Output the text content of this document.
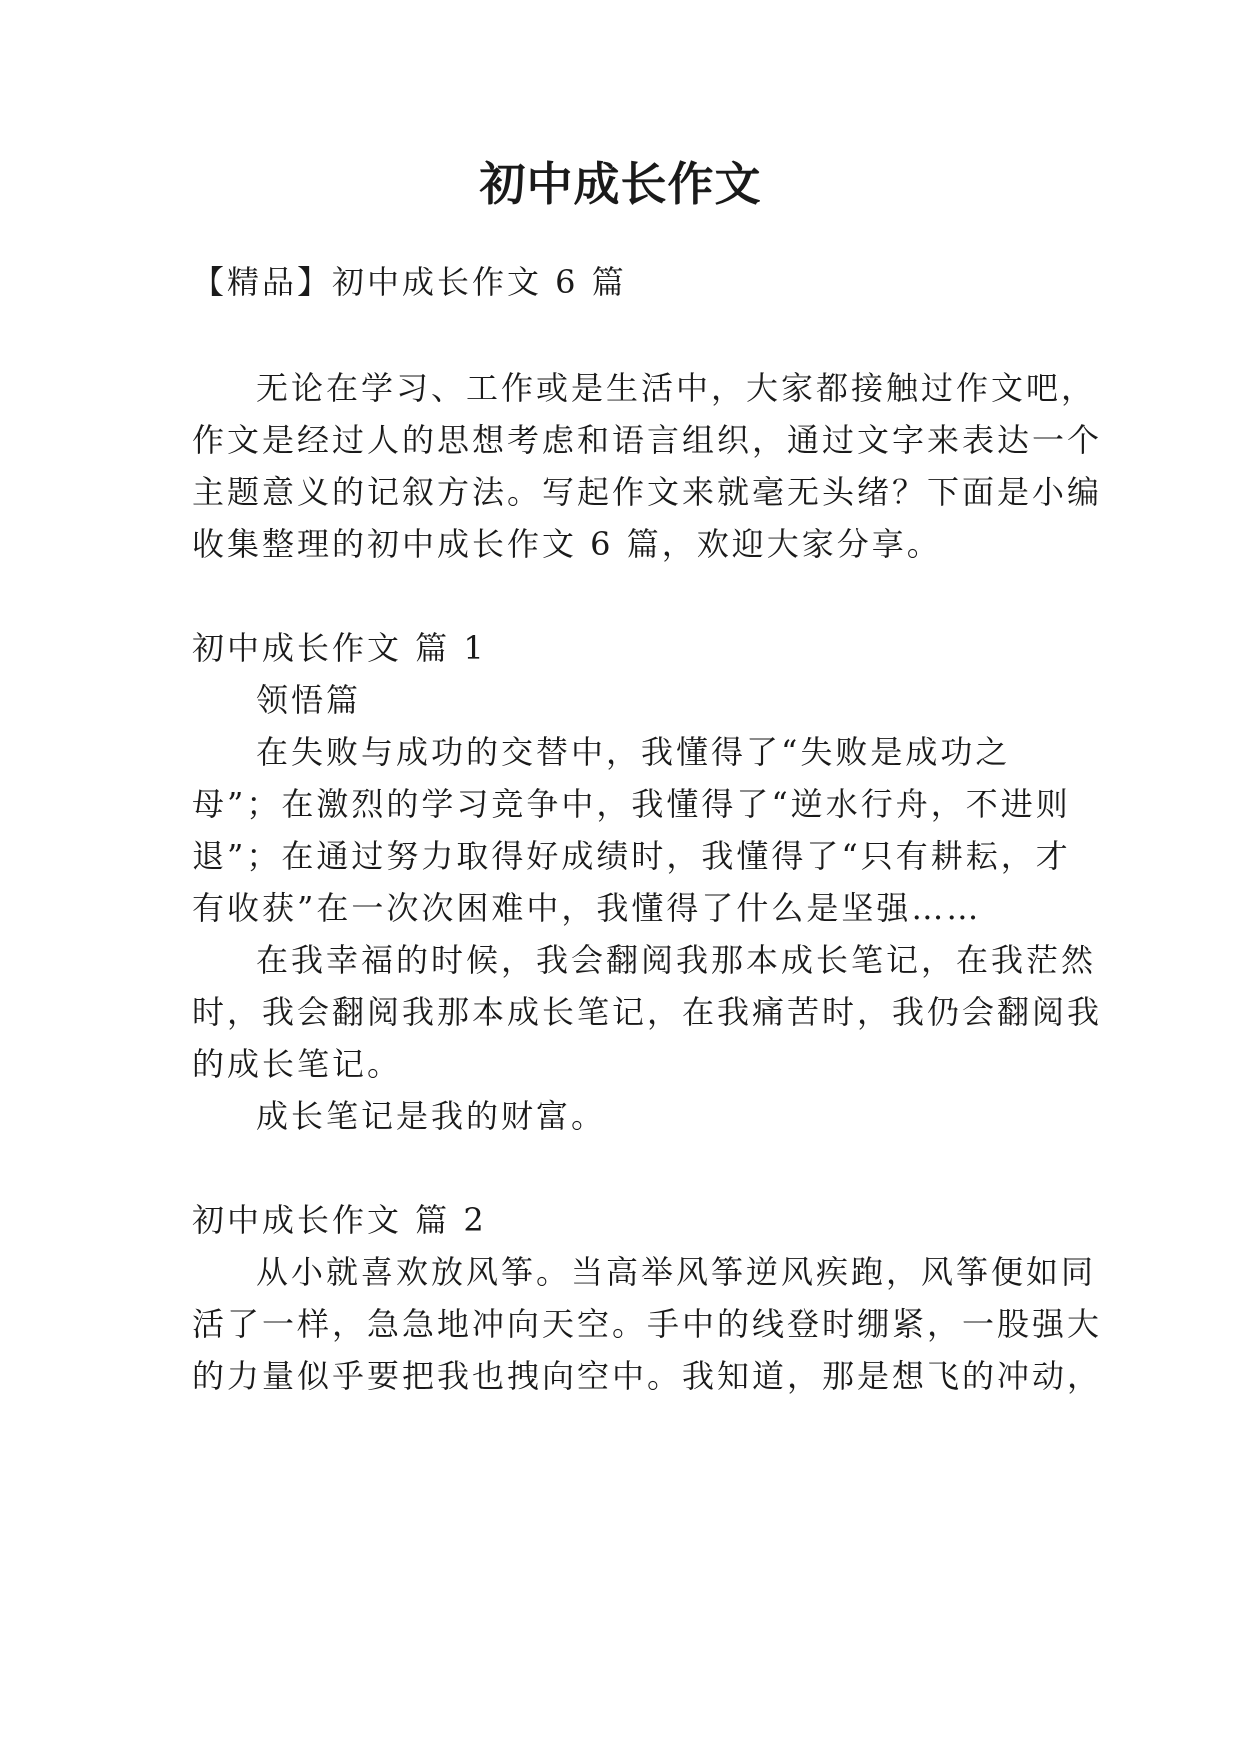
初中成长作文
【精品】初中成长作文 6 篇
无论在学习、工作或是生活中，大家都接触过作文吧，
作文是经过人的思想考虑和语言组织，通过文字来表达一个
主题意义的记叙方法。写起作文来就毫无头绪？下面是小编
收集整理的初中成长作文 6 篇，欢迎大家分享。
初中成长作文 篇 1
领悟篇
在失败与成功的交替中，我懂得了“失败是成功之
母”；在激烈的学习竞争中，我懂得了“逆水行舟，不进则
退”；在通过努力取得好成绩时，我懂得了“只有耕耘，才
有收获”在一次次困难中，我懂得了什么是坚强……
在我幸福的时候，我会翻阅我那本成长笔记，在我茫然
时，我会翻阅我那本成长笔记，在我痛苦时，我仍会翻阅我
的成长笔记。
成长笔记是我的财富。
初中成长作文 篇 2
从小就喜欢放风筝。当高举风筝逆风疾跑，风筝便如同
活了一样，急急地冲向天空。手中的线登时绷紧，一股强大
的力量似乎要把我也拽向空中。我知道，那是想飞的冲动，
